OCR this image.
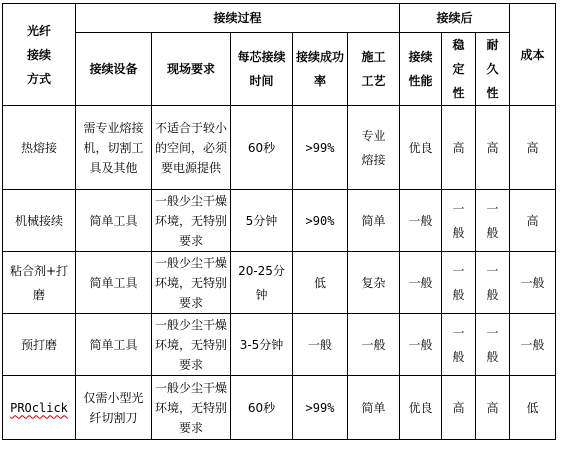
光纤接续方式	接续过程					接续后			成本
	接续设备	现场要求	每芯接续时间	接续成功率	施工工艺	接续性能	稳定性	耐久性	
热熔接	需专业熔接机，切割工具及其他	不适合于较小的空间，必须要电源提供	60秒	>99%	专业熔接	优良	高	高	高
机械接续	简单工具	一般少尘干燥环境，无特别要求	5分钟	>90%	简单	一般	一般	一般	高
粘合剂+打磨	简单工具	一般少尘干燥环境，无特别要求	20-25分钟	低	复杂	一般	一般	一般	一般
预打磨	简单工具	一般少尘干燥环境，无特别要求	3-5分钟	一般	一般	一般	一般	一般	一般
PROclick	仅需小型光纤切割刀	一般少尘干燥环境，无特别要求	60秒	>99%	简单	优良	高	高	低
